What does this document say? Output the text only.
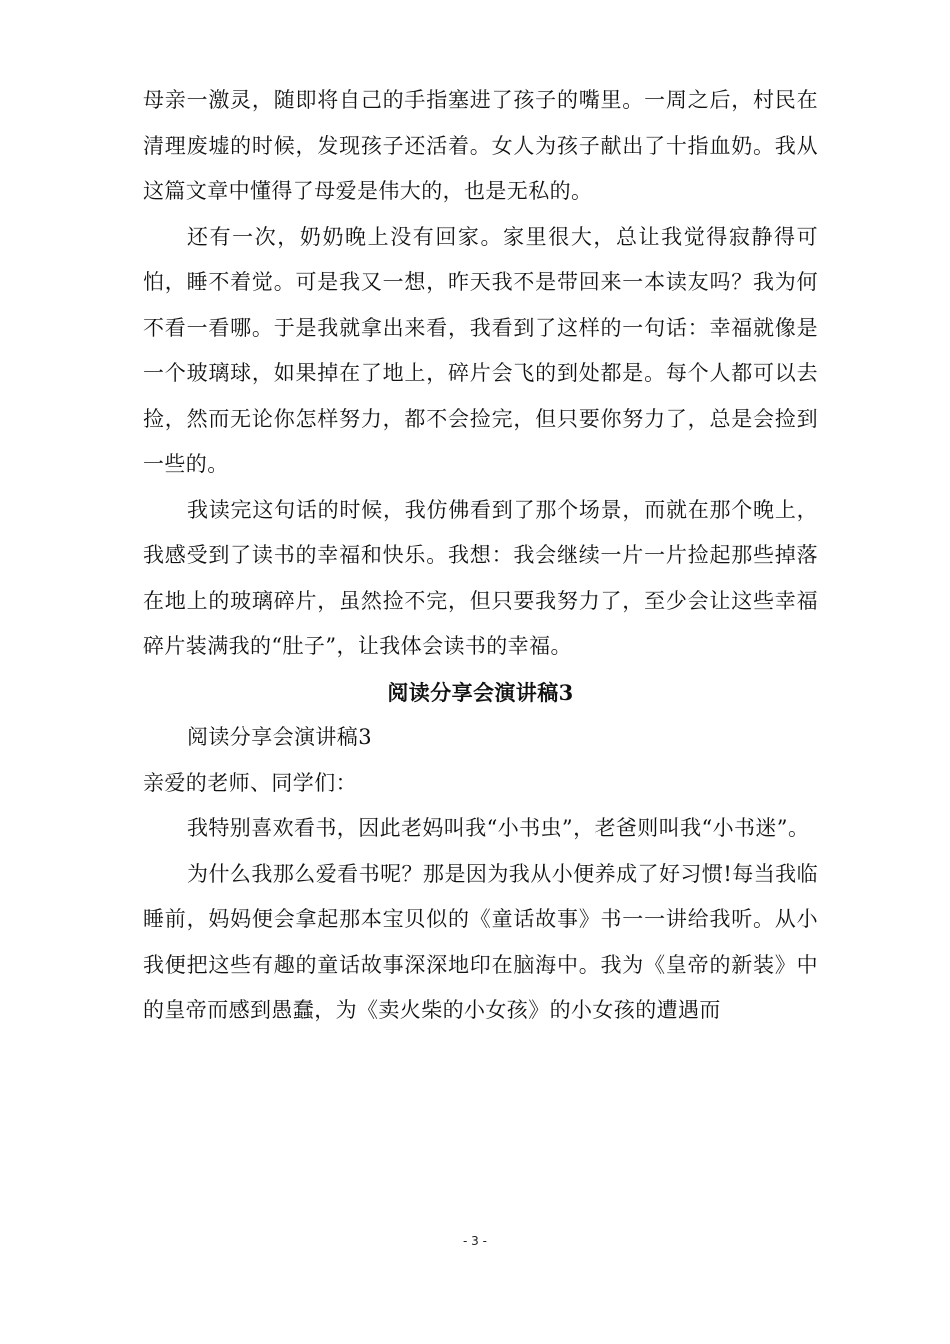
母亲一激灵，随即将自己的手指塞进了孩子的嘴里。一周之后，村民在清理废墟的时候，发现孩子还活着。女人为孩子献出了十指血奶。我从这篇文章中懂得了母爱是伟大的，也是无私的。

还有一次，奶奶晚上没有回家。家里很大，总让我觉得寂静得可怕，睡不着觉。可是我又一想，昨天我不是带回来一本读友吗？我为何不看一看哪。于是我就拿出来看，我看到了这样的一句话：幸福就像是一个玻璃球，如果掉在了地上，碎片会飞的到处都是。每个人都可以去捡，然而无论你怎样努力，都不会捡完，但只要你努力了，总是会捡到一些的。

我读完这句话的时候，我仿佛看到了那个场景，而就在那个晚上，我感受到了读书的幸福和快乐。我想：我会继续一片一片捡起那些掉落在地上的玻璃碎片，虽然捡不完，但只要我努力了，至少会让这些幸福碎片装满我的“肚子”，让我体会读书的幸福。

阅读分享会演讲稿3

阅读分享会演讲稿3

亲爱的老师、同学们：

我特别喜欢看书，因此老妈叫我“小书虫”，老爸则叫我“小书迷”。

为什么我那么爱看书呢？那是因为我从小便养成了好习惯!每当我临睡前，妈妈便会拿起那本宝贝似的《童话故事》书一一讲给我听。从小我便把这些有趣的童话故事深深地印在脑海中。我为《皇帝的新装》中的皇帝而感到愚蠢，为《卖火柴的小女孩》的小女孩的遭遇而

- 3 -
